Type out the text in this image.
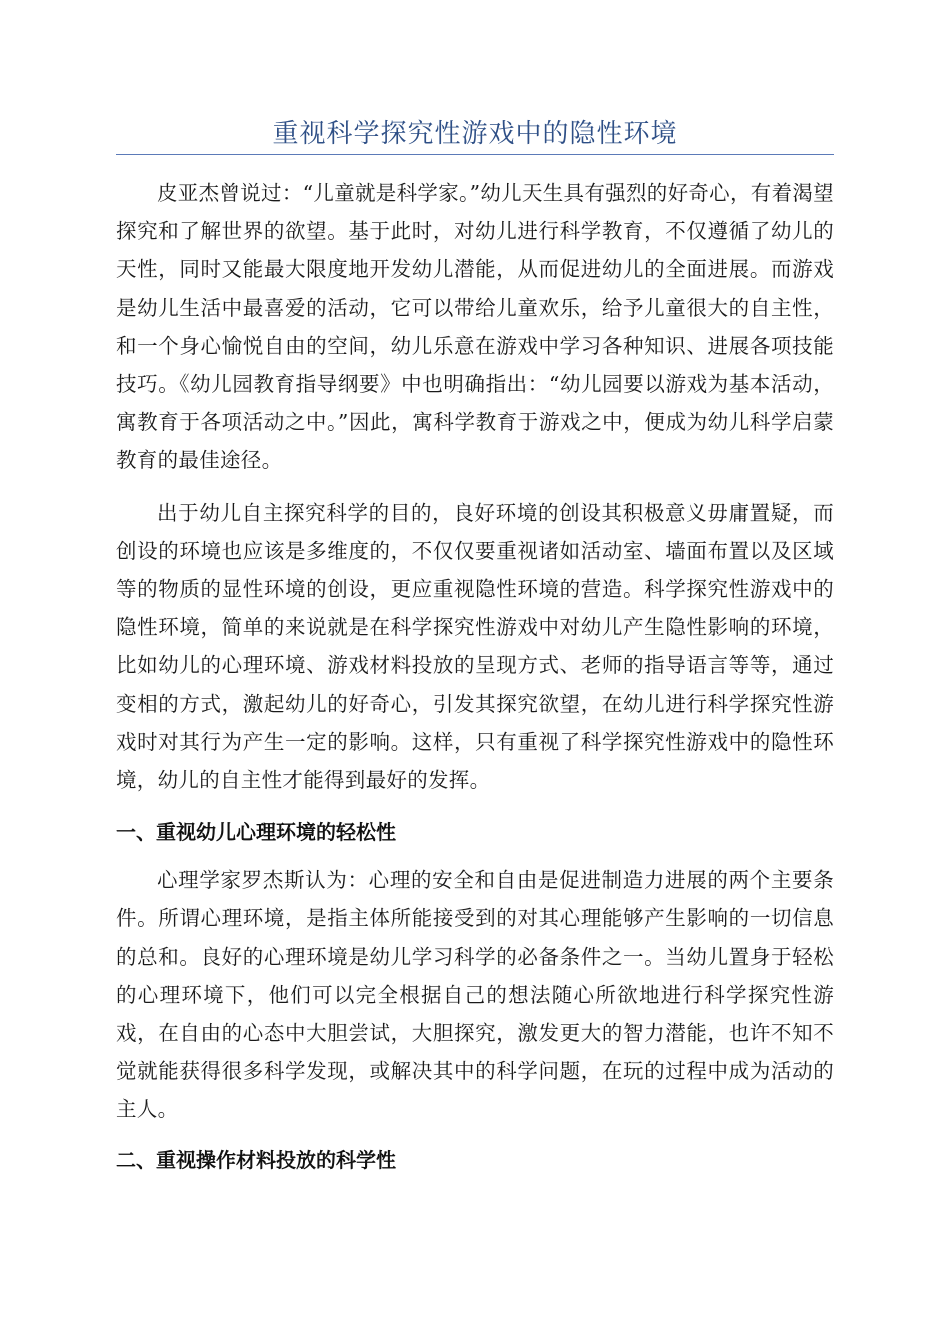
重视科学探究性游戏中的隐性环境

皮亚杰曾说过：“儿童就是科学家。”幼儿天生具有强烈的好奇心，有着渴望探究和了解世界的欲望。基于此时，对幼儿进行科学教育，不仅遵循了幼儿的天性，同时又能最大限度地开发幼儿潜能，从而促进幼儿的全面进展。而游戏是幼儿生活中最喜爱的活动，它可以带给儿童欢乐，给予儿童很大的自主性，和一个身心愉悦自由的空间，幼儿乐意在游戏中学习各种知识、进展各项技能技巧。《幼儿园教育指导纲要》中也明确指出：“幼儿园要以游戏为基本活动，寓教育于各项活动之中。”因此，寓科学教育于游戏之中，便成为幼儿科学启蒙教育的最佳途径。

出于幼儿自主探究科学的目的，良好环境的创设其积极意义毋庸置疑，而创设的环境也应该是多维度的，不仅仅要重视诸如活动室、墙面布置以及区域等的物质的显性环境的创设，更应重视隐性环境的营造。科学探究性游戏中的隐性环境，简单的来说就是在科学探究性游戏中对幼儿产生隐性影响的环境，比如幼儿的心理环境、游戏材料投放的呈现方式、老师的指导语言等等，通过变相的方式，激起幼儿的好奇心，引发其探究欲望，在幼儿进行科学探究性游戏时对其行为产生一定的影响。这样，只有重视了科学探究性游戏中的隐性环境，幼儿的自主性才能得到最好的发挥。

一、重视幼儿心理环境的轻松性

心理学家罗杰斯认为：心理的安全和自由是促进制造力进展的两个主要条件。所谓心理环境，是指主体所能接受到的对其心理能够产生影响的一切信息的总和。良好的心理环境是幼儿学习科学的必备条件之一。当幼儿置身于轻松的心理环境下，他们可以完全根据自己的想法随心所欲地进行科学探究性游戏，在自由的心态中大胆尝试，大胆探究，激发更大的智力潜能，也许不知不觉就能获得很多科学发现，或解决其中的科学问题，在玩的过程中成为活动的主人。

二、重视操作材料投放的科学性
